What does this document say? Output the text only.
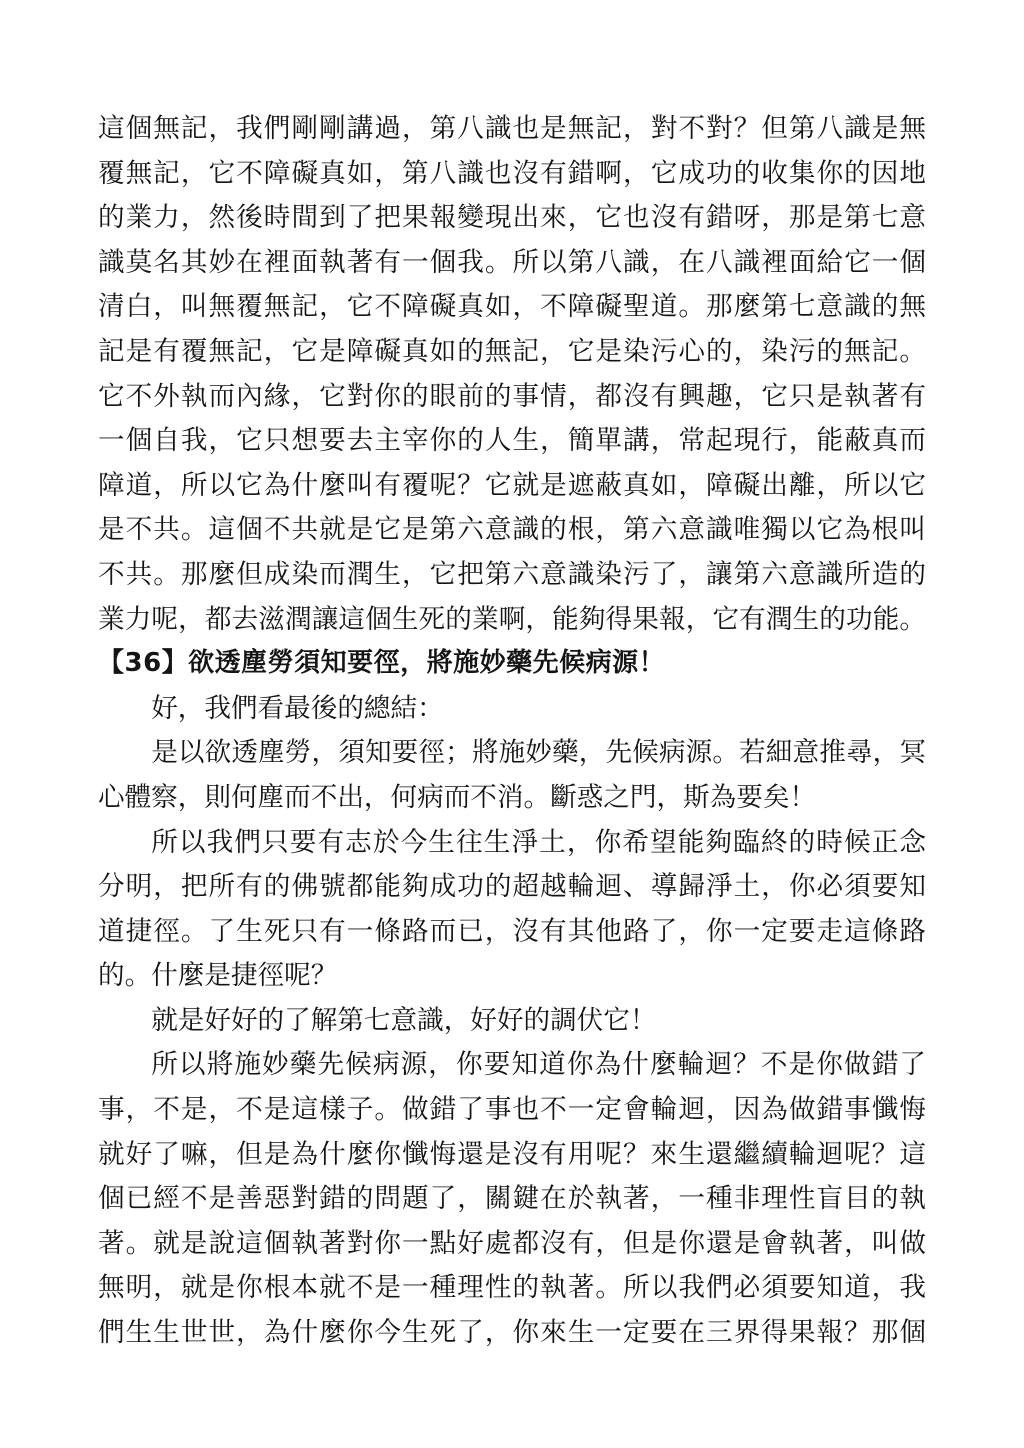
這個無記，我們剛剛講過，第八識也是無記，對不對？但第八識是無
覆無記，它不障礙真如，第八識也沒有錯啊，它成功的收集你的因地
的業力，然後時間到了把果報變現出來，它也沒有錯呀，那是第七意
識莫名其妙在裡面執著有一個我。所以第八識，在八識裡面給它一個
清白，叫無覆無記，它不障礙真如，不障礙聖道。那麼第七意識的無
記是有覆無記，它是障礙真如的無記，它是染污心的，染污的無記。
它不外執而內緣，它對你的眼前的事情，都沒有興趣，它只是執著有
一個自我，它只想要去主宰你的人生，簡單講，常起現行，能蔽真而
障道，所以它為什麼叫有覆呢？它就是遮蔽真如，障礙出離，所以它
是不共。這個不共就是它是第六意識的根，第六意識唯獨以它為根叫
不共。那麼但成染而潤生，它把第六意識染污了，讓第六意識所造的
業力呢，都去滋潤讓這個生死的業啊，能夠得果報，它有潤生的功能。
【36】欲透塵勞須知要徑，將施妙藥先候病源！
好，我們看最後的總結：
是以欲透塵勞，須知要徑；將施妙藥，先候病源。若細意推尋，冥
心體察，則何塵而不出，何病而不消。斷惑之門，斯為要矣！
所以我們只要有志於今生往生淨土，你希望能夠臨終的時候正念
分明，把所有的佛號都能夠成功的超越輪迴、導歸淨土，你必須要知
道捷徑。了生死只有一條路而已，沒有其他路了，你一定要走這條路
的。什麼是捷徑呢？
就是好好的了解第七意識，好好的調伏它！
所以將施妙藥先候病源，你要知道你為什麼輪迴？不是你做錯了
事，不是，不是這樣子。做錯了事也不一定會輪迴，因為做錯事懺悔
就好了嘛，但是為什麼你懺悔還是沒有用呢？來生還繼續輪迴呢？這
個已經不是善惡對錯的問題了，關鍵在於執著，一種非理性盲目的執
著。就是說這個執著對你一點好處都沒有，但是你還是會執著，叫做
無明，就是你根本就不是一種理性的執著。所以我們必須要知道，我
們生生世世，為什麼你今生死了，你來生一定要在三界得果報？那個
